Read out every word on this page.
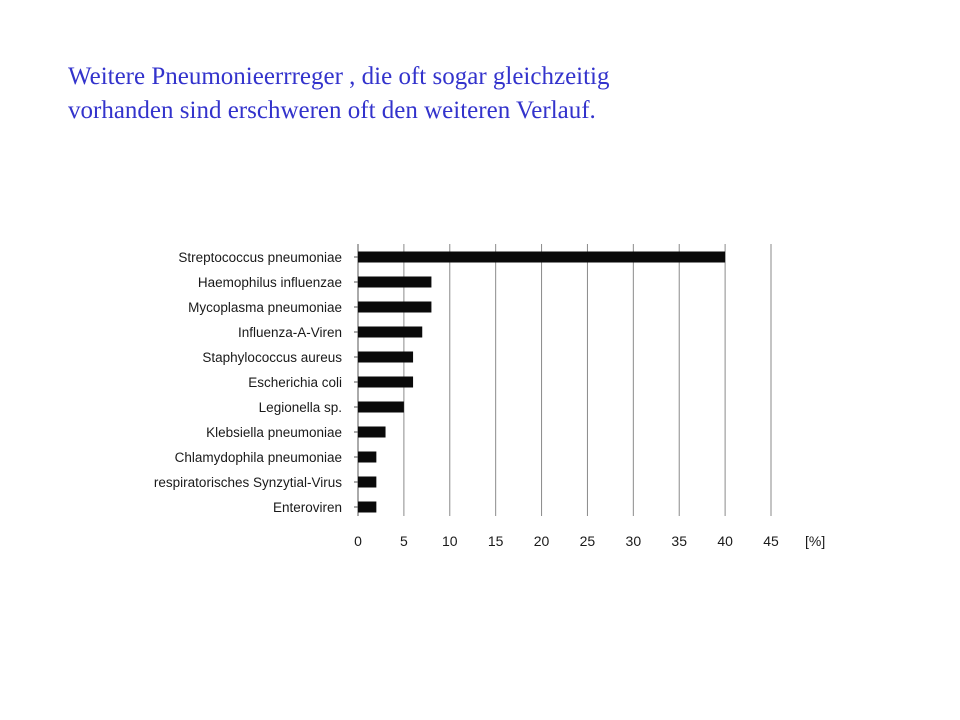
Weitere Pneumonieerrreger , die oft sogar gleichzeitig
vorhanden sind erschweren oft den weiteren Verlauf.
Streptococcus pneumoniae
Haemophilus influenzae
Mycoplasma pneumoniae
Influenza-A-Viren
Staphylococcus aureus
Escherichia coli
Legionella sp.
Klebsiella pneumoniae
Chlamydophila pneumoniae
respiratorisches Synzytial-Virus
Enteroviren
0	5 10 15 20 25 30 35 40 45 [%]
